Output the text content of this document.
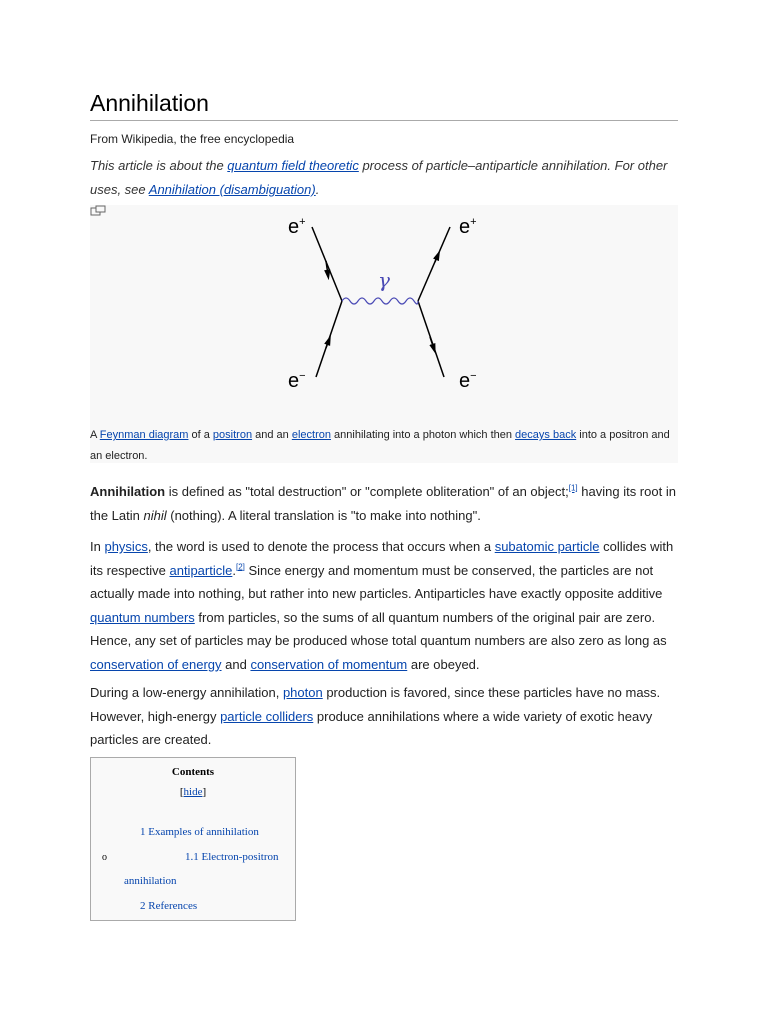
Annihilation
From Wikipedia, the free encyclopedia
This article is about the quantum field theoretic process of particle–antiparticle annihilation. For other uses, see Annihilation (disambiguation).
e+	e+
e−	e−
γ
A Feynman diagram of a positron and an electron annihilating into a photon which then decays back into a positron and an electron.
Annihilation is defined as "total destruction" or "complete obliteration" of an object;[1] having its root in the Latin nihil (nothing). A literal translation is "to make into nothing".
In physics, the word is used to denote the process that occurs when a subatomic particle collides with its respective antiparticle.[2] Since energy and momentum must be conserved, the particles are not actually made into nothing, but rather into new particles. Antiparticles have exactly opposite additive quantum numbers from particles, so the sums of all quantum numbers of the original pair are zero. Hence, any set of particles may be produced whose total quantum numbers are also zero as long as conservation of energy and conservation of momentum are obeyed.
During a low-energy annihilation, photon production is favored, since these particles have no mass. However, high-energy particle colliders produce annihilations where a wide variety of exotic heavy particles are created.
Contents
[hide]
1 Examples of annihilation
o	1.1 Electron-positron
annihilation
2 References
